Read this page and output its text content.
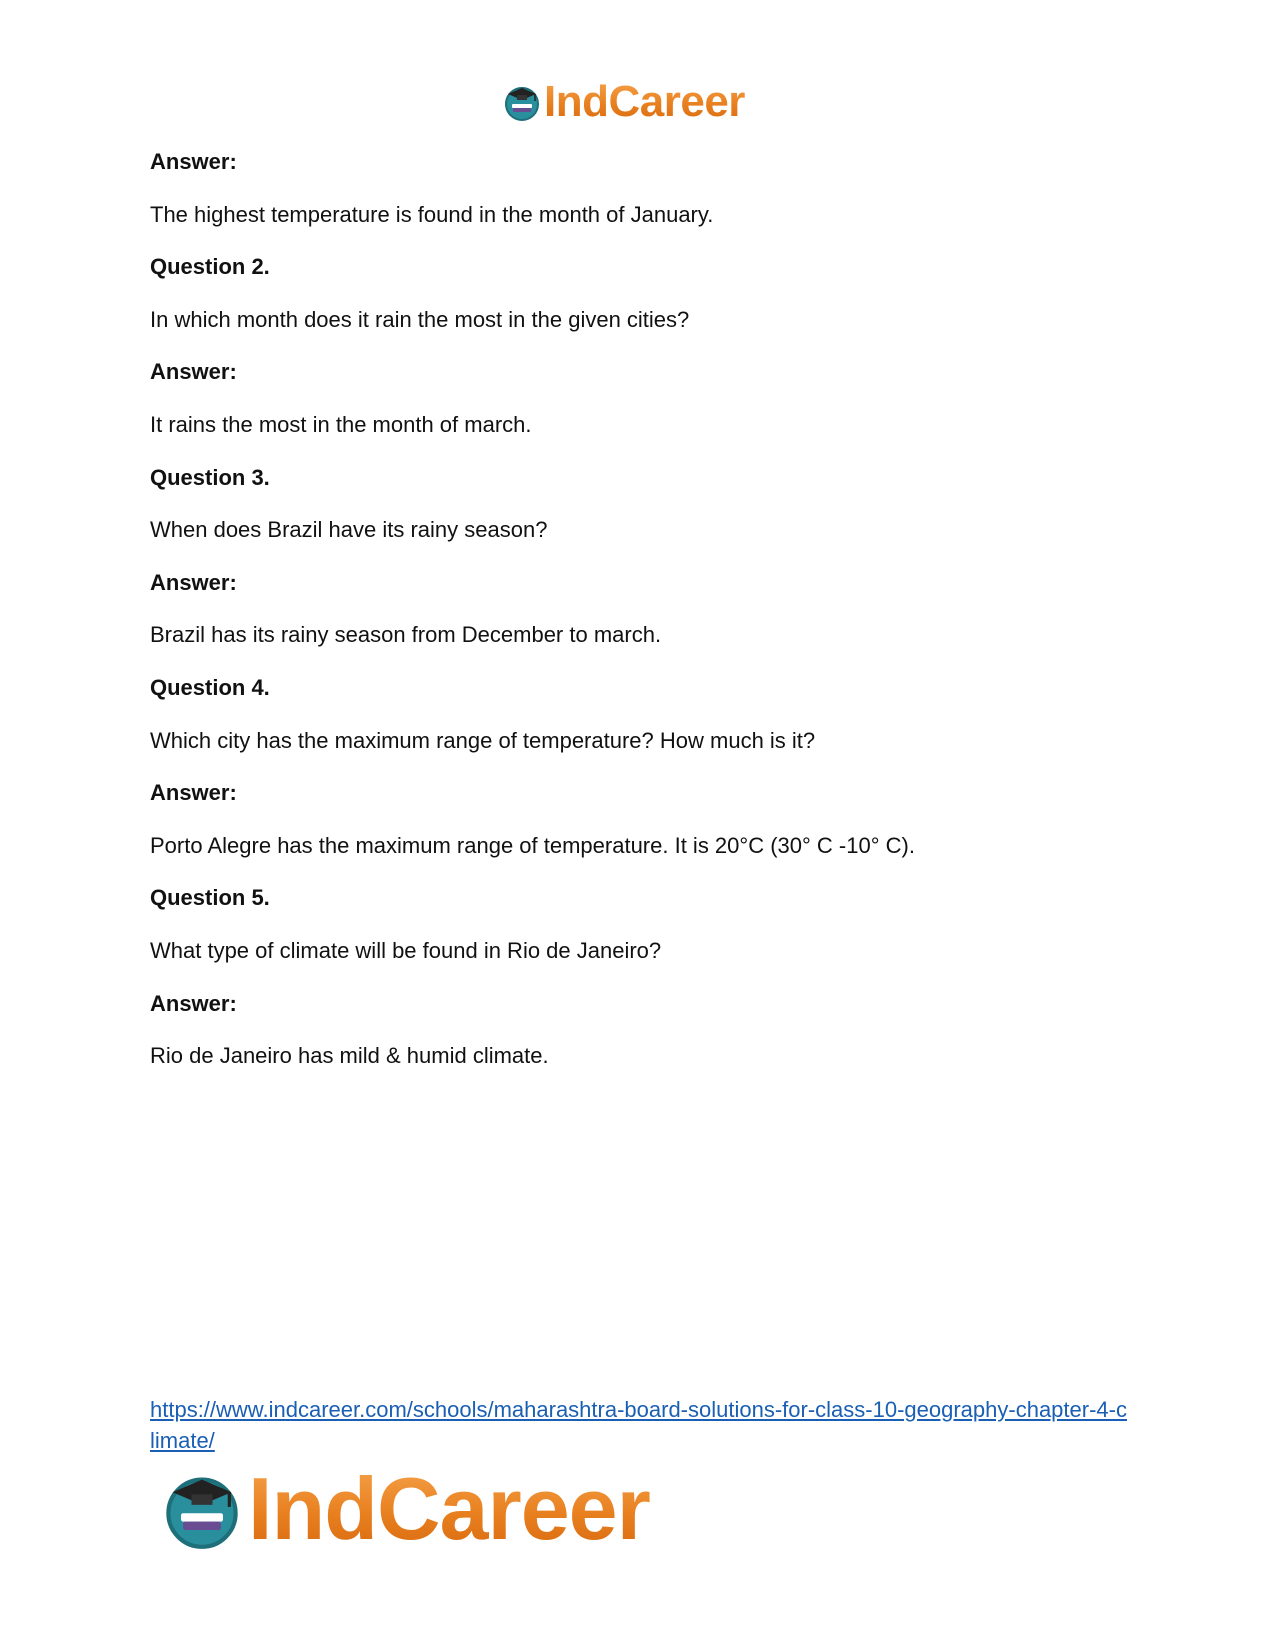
IndCareer

Answer:

The highest temperature is found in the month of January.

Question 2.

In which month does it rain the most in the given cities?

Answer:

It rains the most in the month of march.

Question 3.

When does Brazil have its rainy season?

Answer:

Brazil has its rainy season from December to march.

Question 4.

Which city has the maximum range of temperature? How much is it?

Answer:

Porto Alegre has the maximum range of temperature. It is 20°C (30° C -10° C).

Question 5.

What type of climate will be found in Rio de Janeiro?

Answer:

Rio de Janeiro has mild & humid climate.

https://www.indcareer.com/schools/maharashtra-board-solutions-for-class-10-geography-chapter-4-climate/
IndCareer
